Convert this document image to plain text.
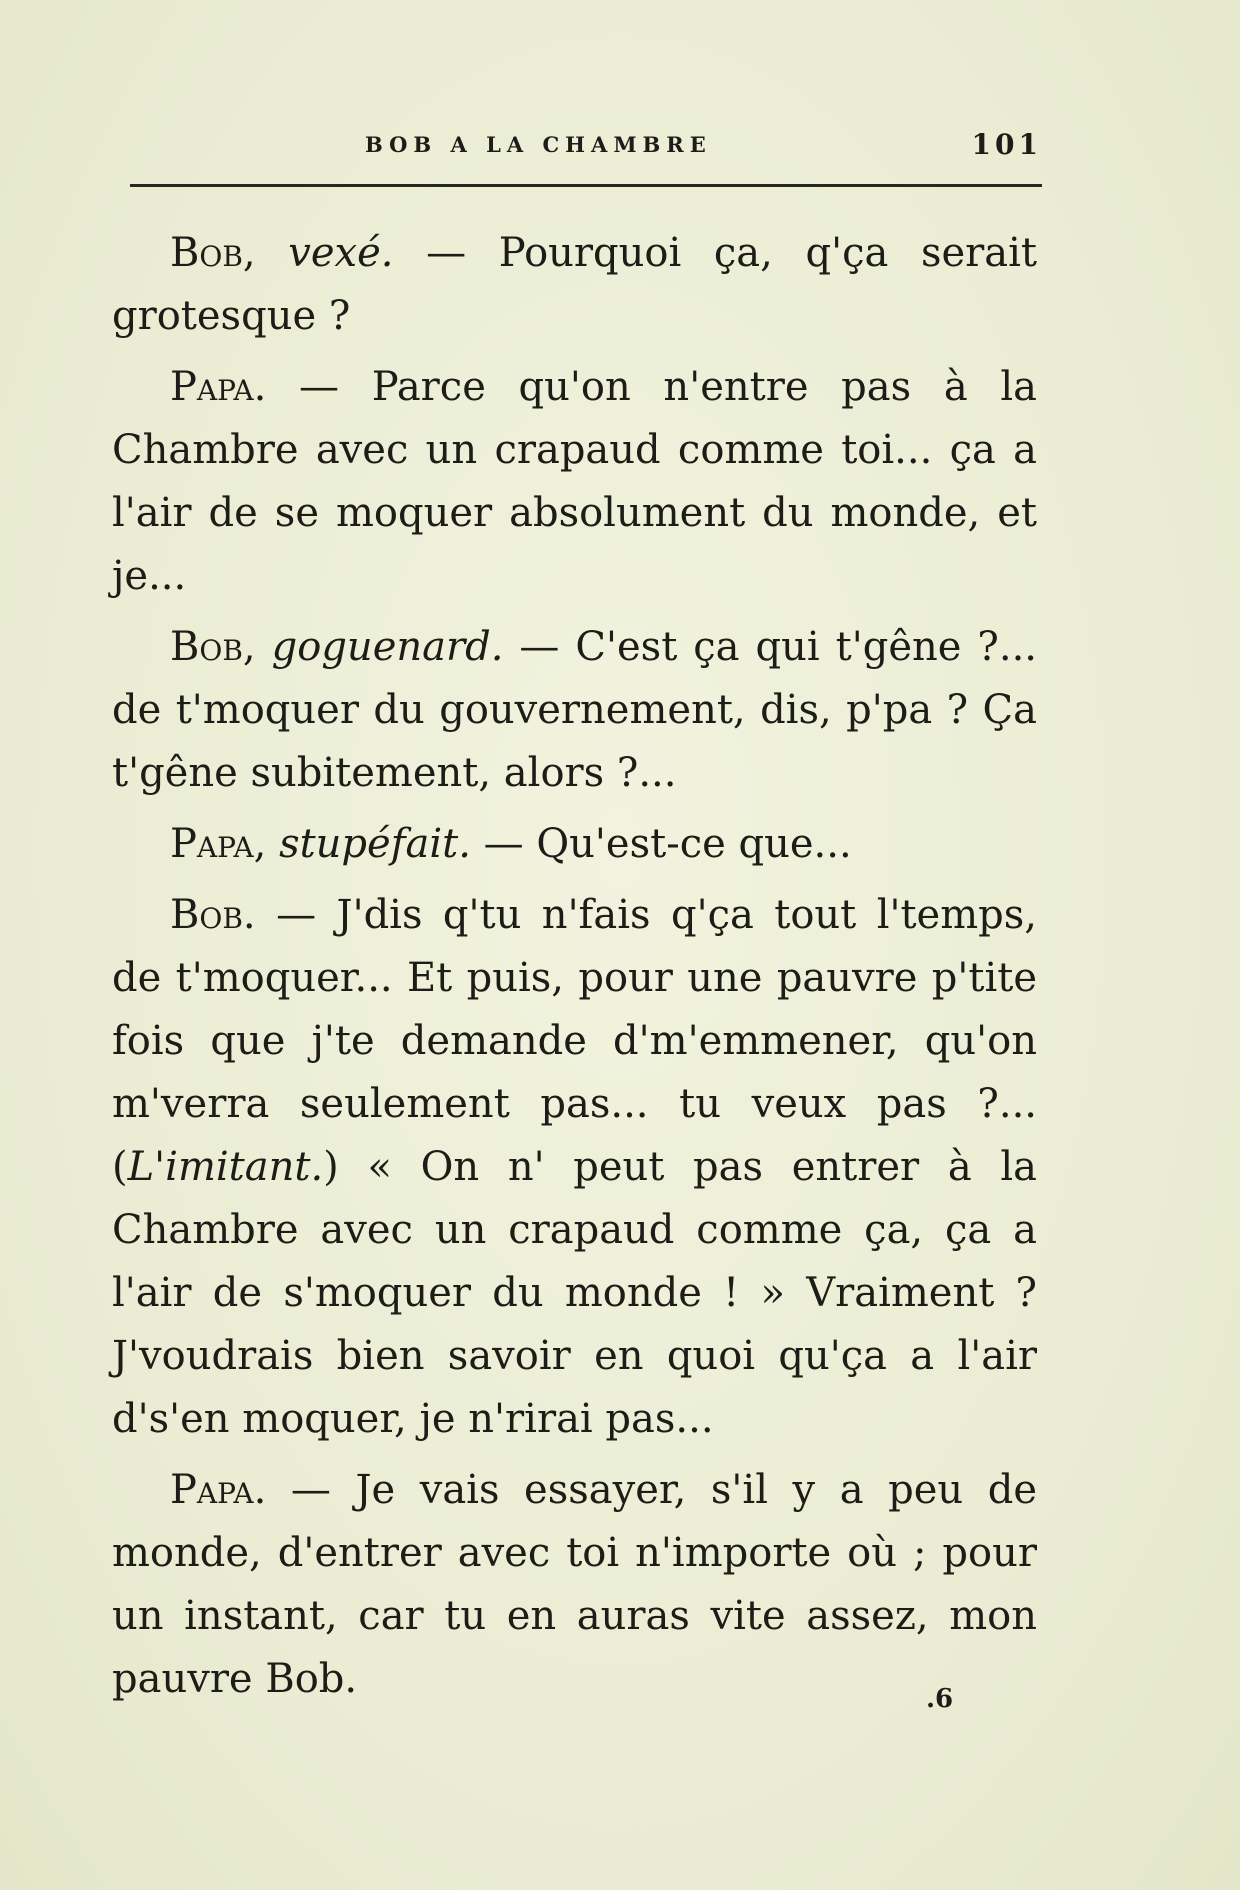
BOB A LA CHAMBRE	101

Bob, vexé. — Pourquoi ça, q'ça serait grotesque ?

Papa. — Parce qu'on n'entre pas à la Chambre avec un crapaud comme toi... ça a l'air de se moquer absolument du monde, et je...

Bob, goguenard. — C'est ça qui t'gêne ?... de t'moquer du gouvernement, dis, p'pa ? Ça t'gêne subitement, alors ?...

Papa, stupéfait. — Qu'est-ce que...

Bob. — J'dis q'tu n'fais q'ça tout l'temps, de t'moquer... Et puis, pour une pauvre p'tite fois que j'te demande d'm'emmener, qu'on m'verra seulement pas... tu veux pas ?... (L'imitant.) « On n' peut pas entrer à la Chambre avec un crapaud comme ça, ça a l'air de s'moquer du monde ! » Vraiment ? J'voudrais bien savoir en quoi qu'ça a l'air d's'en moquer, je n'rirai pas...

Papa. — Je vais essayer, s'il y a peu de monde, d'entrer avec toi n'importe où ; pour un instant, car tu en auras vite assez, mon pauvre Bob.	.6
